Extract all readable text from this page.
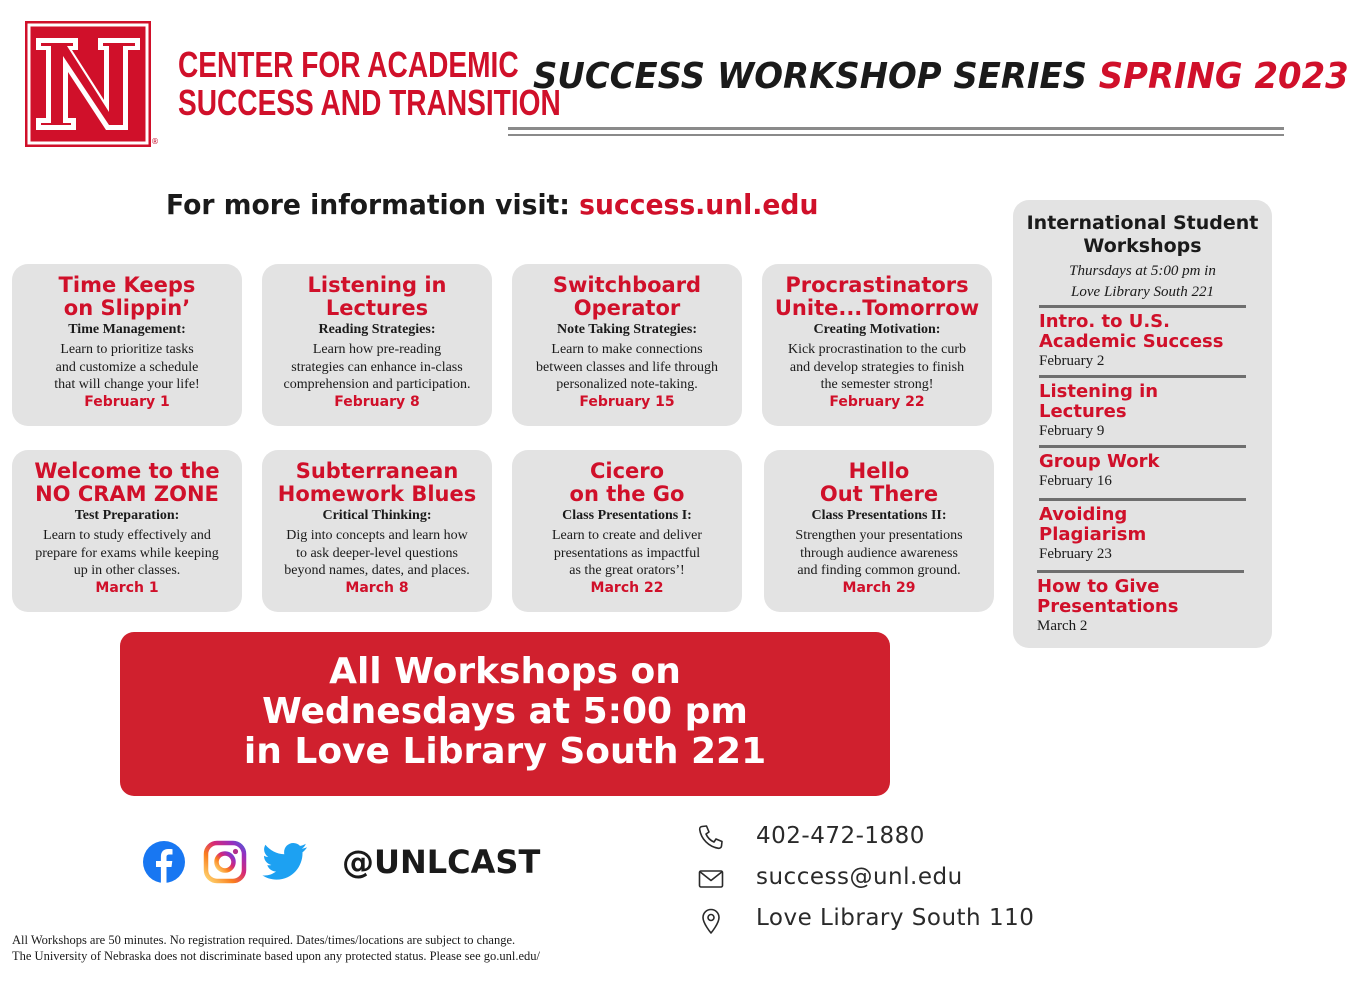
®
CENTER FOR ACADEMIC
SUCCESS AND TRANSITION
SUCCESS WORKSHOP SERIES SPRING 2023
For more information visit: success.unl.edu
Time Keeps
on Slippin’
Time Management:
Learn to prioritize tasks
and customize a schedule
that will change your life!
February 1
Listening in
Lectures
Reading Strategies:
Learn how pre-reading
strategies can enhance in-class
comprehension and participation.
February 8
Switchboard
Operator
Note Taking Strategies:
Learn to make connections
between classes and life through
personalized note-taking.
February 15
Procrastinators
Unite...Tomorrow
Creating Motivation:
Kick procrastination to the curb
and develop strategies to finish
the semester strong!
February 22
Welcome to the
NO CRAM ZONE
Test Preparation:
Learn to study effectively and
prepare for exams while keeping
up in other classes.
March 1
Subterranean
Homework Blues
Critical Thinking:
Dig into concepts and learn how
to ask deeper-level questions
beyond names, dates, and places.
March 8
Cicero
on the Go
Class Presentations I:
Learn to create and deliver
presentations as impactful
as the great orators’!
March 22
Hello
Out There
Class Presentations II:
Strengthen your presentations
through audience awareness
and finding common ground.
March 29
All Workshops on
Wednesdays at 5:00 pm
in Love Library South 221
International Student
Workshops
Thursdays at 5:00 pm in
Love Library South 221
Intro. to U.S.
Academic Success
February 2
Listening in
Lectures
February 9
Group Work
February 16
Avoiding
Plagiarism
February 23
How to Give
Presentations
March 2
@UNLCAST
402-472-1880
success@unl.edu
Love Library South 110
All Workshops are 50 minutes. No registration required. Dates/times/locations are subject to change.
The University of Nebraska does not discriminate based upon any protected status. Please see go.unl.edu/
